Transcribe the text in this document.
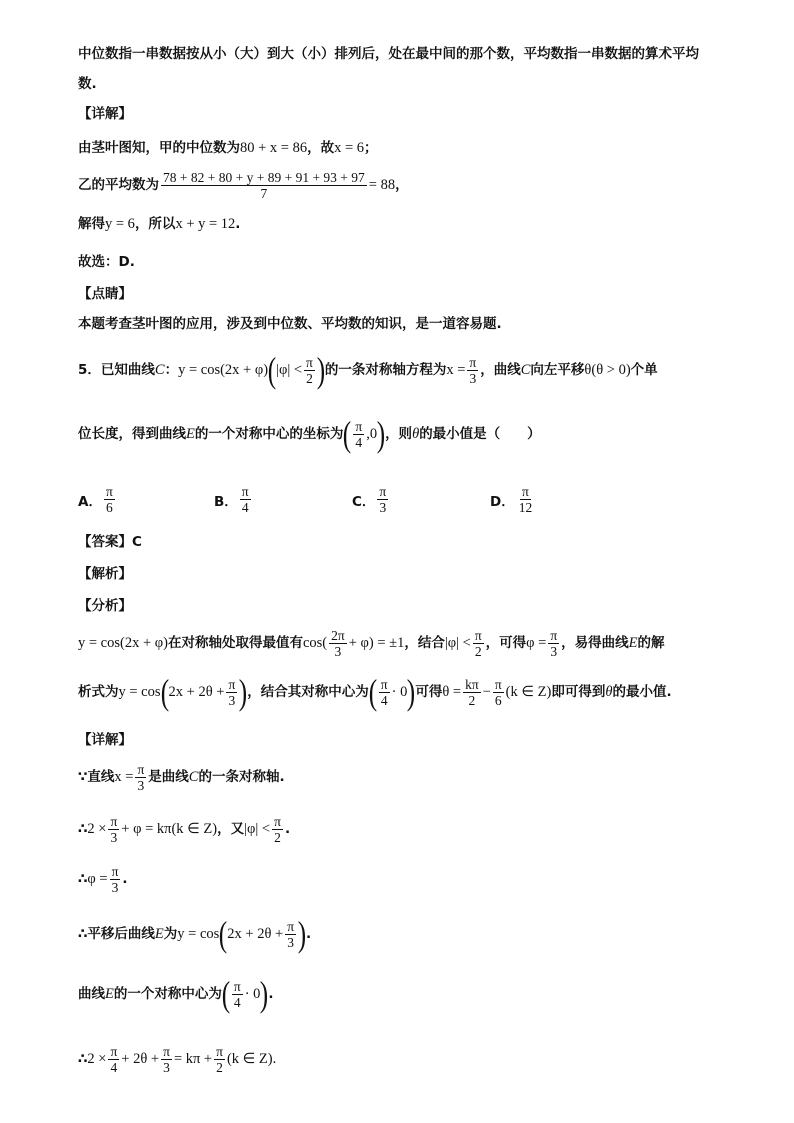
中位数指一串数据按从小（大）到大（小）排列后，处在最中间的那个数，平均数指一串数据的算术平均
数.
【详解】
由茎叶图知，甲的中位数为 80 + x = 86 ，故 x = 6 ；
乙的平均数为 $\frac{78 + 82 + 80 + y + 89 + 91 + 93 + 97}{7} = 88$ ，
解得 y = 6 ，所以 x + y = 12 .
故选：D.
【点睛】
本题考查茎叶图的应用，涉及到中位数、平均数的知识，是一道容易题.
5． 已知曲线 C ： y = cos(2x + φ) ( $|\varphi| < \frac{\pi}{2}$ ) 的一条对称轴方程为 $x = \frac{\pi}{3}$ ，曲线 C 向左平移 θ(θ > 0) 个单
位长度，得到曲线 E 的一个对称中心的坐标为 ( $\frac{\pi}{4} ,0$ ) ，则 θ 的最小值是（　　）
A． $\frac{\pi}{6}$	B． $\frac{\pi}{4}$	C． $\frac{\pi}{3}$	D． $\frac{\pi}{12}$
【答案】C
【解析】
【分析】
y = cos(2x + φ) 在对称轴处取得最值有 $\cos( \frac{2\pi}{3} + \varphi) = \pm 1$ ，结合 $|\varphi| < \frac{\pi}{2}$ ，可得 $\varphi = \frac{\pi}{3}$ ，易得曲线 E 的解
析式为 y = cos ( $2x + 2\theta + \frac{\pi}{3}$ ) ，结合其对称中心为 ( $\frac{\pi}{4} \cdot 0$ ) 可得 $\theta = \frac{k\pi}{2} - \frac{\pi}{6} (k$ ∈ Z) 即可得到 θ 的最小值.
【详解】
∵直线 $x = \frac{\pi}{3}$ 是曲线 C 的一条对称轴.
∴ $2 \times \frac{\pi}{3} + \varphi = k\pi(k$ ∈ Z) ，又 $|\varphi| < \frac{\pi}{2}$ .
∴ $\varphi = \frac{\pi}{3}$ .
∴平移后曲线 E 为 y = cos ( $2x + 2\theta + \frac{\pi}{3}$ ) .
曲线 E 的一个对称中心为 ( $\frac{\pi}{4} \cdot 0$ ) .
∴ $2 \times \frac{\pi}{4} + 2\theta + \frac{\pi}{3} = k\pi + \frac{\pi}{2} (k$ ∈ Z).
